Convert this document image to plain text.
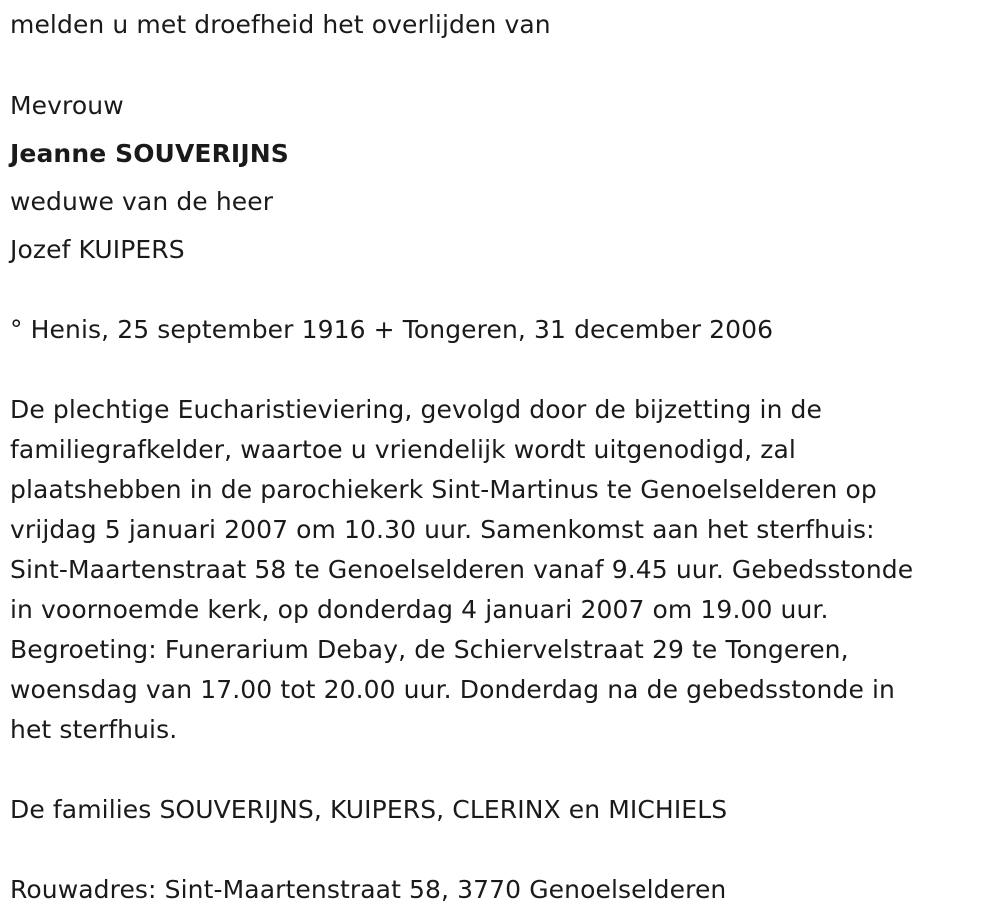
melden u met droefheid het overlijden van

Mevrouw

Jeanne SOUVERIJNS

weduwe van de heer

Jozef KUIPERS

° Henis, 25 september 1916 + Tongeren, 31 december 2006

De plechtige Eucharistieviering, gevolgd door de bijzetting in de
familiegrafkelder, waartoe u vriendelijk wordt uitgenodigd, zal
plaatshebben in de parochiekerk Sint-Martinus te Genoelselderen op
vrijdag 5 januari 2007 om 10.30 uur. Samenkomst aan het sterfhuis:
Sint-Maartenstraat 58 te Genoelselderen vanaf 9.45 uur. Gebedsstonde
in voornoemde kerk, op donderdag 4 januari 2007 om 19.00 uur.
Begroeting: Funerarium Debay, de Schiervelstraat 29 te Tongeren,
woensdag van 17.00 tot 20.00 uur. Donderdag na de gebedsstonde in
het sterfhuis.

De families SOUVERIJNS, KUIPERS, CLERINX en MICHIELS

Rouwadres: Sint-Maartenstraat 58, 3770 Genoelselderen
